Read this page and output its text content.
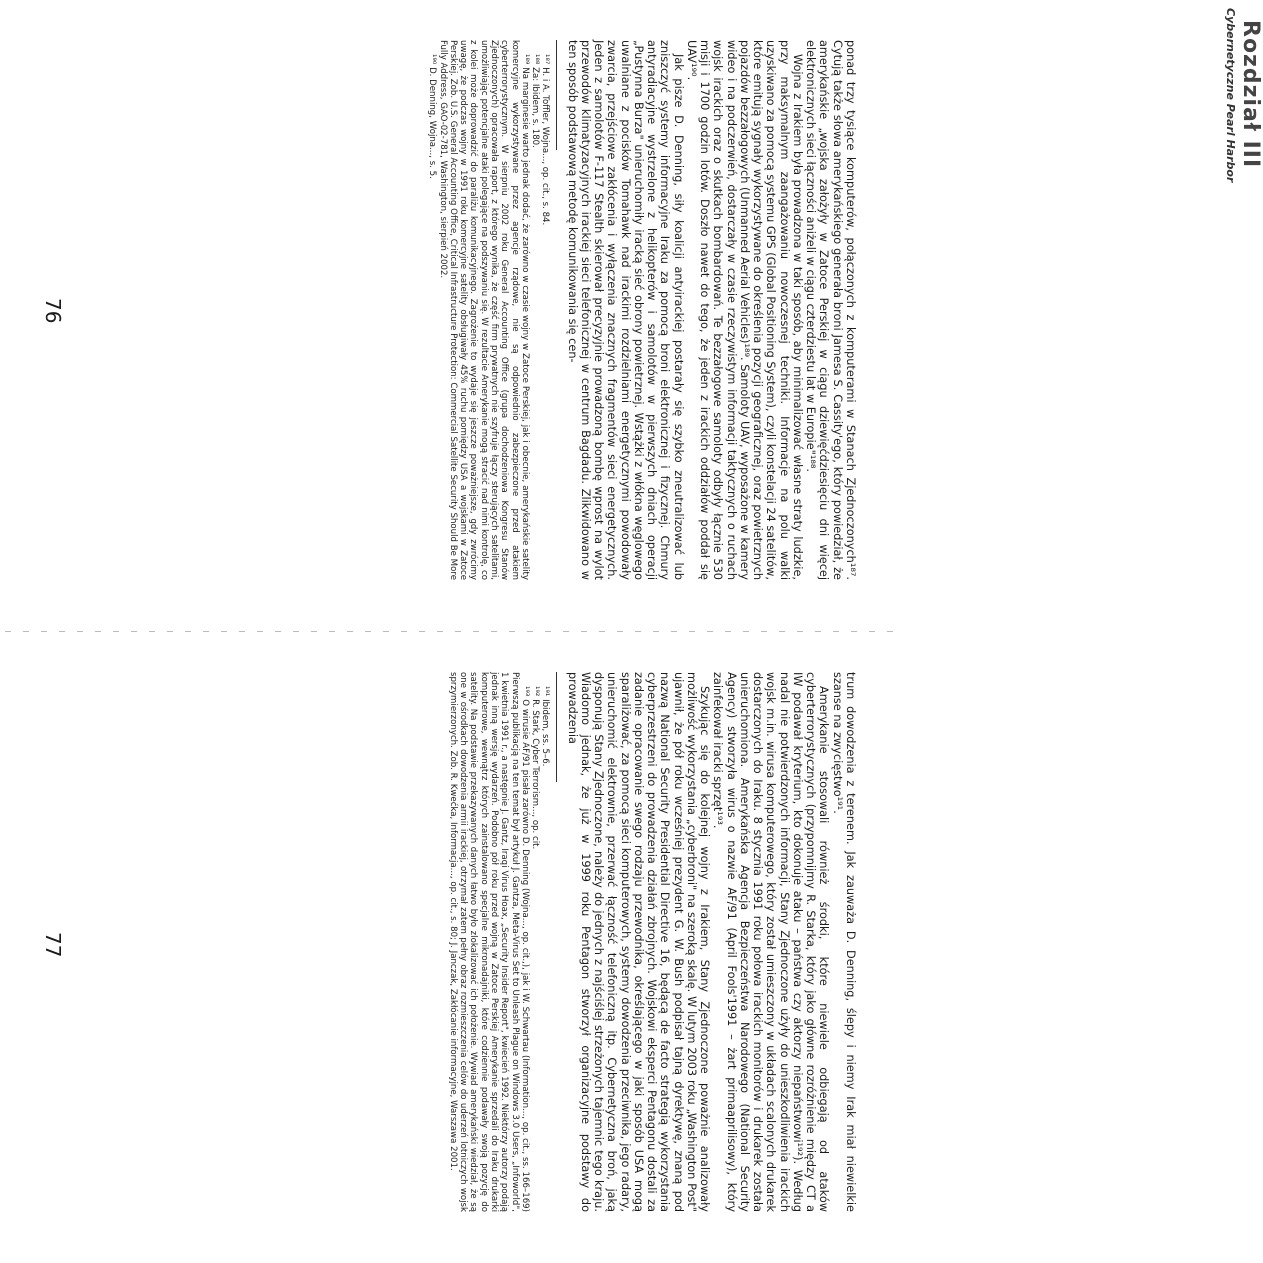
ponad trzy tysiące komputerów, połączonych z komputerami w Stanach Zjednoczonych¹⁸⁷. Cytują także słowa amerykańskiego generała broni Jamesa S. Cassity'ego, który powiedział, że amerykańskie „wojska założyły w Zatoce Perskiej w ciągu dziewięćdziesięciu dni więcej elektronicznych sieci łączności aniżeli w ciągu czterdziestu lat w Europie"¹⁸⁸.

Wojna z Irakiem była prowadzona w taki sposób, aby minimalizować własne straty ludzkie, przy maksymalnym zaangażowaniu nowoczesnej techniki. Informacje na polu walki uzyskiwano za pomocą systemu GPS (Global Positioning System), czyli konstelacji 24 satelitów, które emitują sygnały wykorzystywane do określenia pozycji geograficznej, oraz powietrznych pojazdów bezzałogowych (Unmanned Aerial Vehicles)¹⁸⁹. Samoloty UAV, wyposażone w kamery wideo i na podczerwień, dostarczały w czasie rzeczywistym informacji taktycznych o ruchach wojsk irackich oraz o skutkach bombardowań. Te bezzałogowe samoloty odbyły łącznie 530 misji i 1700 godzin lotów. Doszło nawet do tego, że jeden z irackich oddziałów poddał się UAV¹⁹⁰.

Jak pisze D. Denning, siły koalicji antyirackiej postarały się szybko zneutralizować lub zniszczyć systemy informacyjne Iraku za pomocą broni elektronicznej i fizycznej. Chmury antyradiacyjne wystrzelone z helikopterów i samolotów w pierwszych dniach operacji „Pustynna Burza" unieruchomiły iracką sieć obrony powietrznej. Wstążki z włókna węglowego uwalniane z pocisków Tomahawk nad irackimi rozdzielniami energetycznymi powodowały zwarcia, przejściowe zakłócenia i wyłączenia znacznych fragmentów sieci energetycznych. Jeden z samolotów F-117 Stealth skierował precyzyjnie prowadzoną bombę wprost na wylot przewodów klimatyzacyjnych irackiej sieci telefonicznej w centrum Bagdadu. Zlikwidowano w ten sposób podstawową metodę komunikowania się cen-

¹⁸⁷ H. i A. Toffler, Wojna..., op. cit., s. 84.

¹⁸⁸ Za: Ibidem, s. 180.

¹⁸⁹ Na marginesie warto jednak dodać, że zarówno w czasie wojny w Zatoce Perskiej, jak i obecnie, amerykańskie satelity komercyjne wykorzystywane przez agencje rządowe, nie są odpowiednio zabezpieczone przed atakiem cyberterrorystycznym. W sierpniu 2002 roku General Accounting Office (grupa dochodzeniowa Kongresu Stanów Zjednoczonych) opracowała raport, z którego wynika, że część firm prywatnych nie szyfruje łączy sterujących satelitami, umożliwiając potencjalne ataki polegające na podszywaniu się. W rezultacie Amerykanie mogą stracić nad nimi kontrolę, co z kolei może doprowadzić do paraliżu komunikacyjnego. Zagrożenie to wydaje się jeszcze poważniejsze, gdy zwrócimy uwagę, że podczas wojny w 1991 roku komercyjne satelity obsługiwały 45% ruchu pomiędzy USA a wojskami w Zatoce Perskiej. Zob. U.S. General Accounting Office, Critical Infrastructure Protection: Commercial Satellite Security Should Be More Fully Address, GAO-02-781, Washington, sierpień 2002.

¹⁹⁰ D. Denning, Wojna..., s. 5.

76

trum dowodzenia z terenem. Jak zauważa D. Denning, ślepy i niemy Irak miał niewielkie szanse na zwycięstwo¹⁹¹.

Amerykanie stosowali również środki, które niewiele odbiegają od ataków cyberterrorystycznych (przypomnijmy R. Starka, który jako główne rozróżnienie między CT a IW podawał kryterium, kto dokonuje ataku – państwa czy aktorzy niepaństwowi¹⁹²). Według nadal nie potwierdzonych informacji, Stany Zjednoczone użyły do unieszkodliwienia irackich wojsk m.in. wirusa komputerowego, który został umieszczony w układach scalonych drukarek dostarczonych do Iraku. 8 stycznia 1991 roku połowa irackich monitorów i drukarek została unieruchomiona. Amerykańska Agencja Bezpieczeństwa Narodowego (National Security Agency) stworzyła wirus o nazwie AF/91 (April Fools'1991 – żart primaaprilisowy), który zainfekował iracki sprzęt¹⁹³.

Szykując się do kolejnej wojny z Irakiem, Stany Zjednoczone poważnie analizowały możliwość wykorzystania „cyberbroni" na szeroką skalę. W lutym 2003 roku „Washington Post" ujawnił, że pół roku wcześniej prezydent G. W. Bush podpisał tajną dyrektywę, znaną pod nazwą National Security Presidential Directive 16, będącą de facto strategią wykorzystania cyberprzestrzeni do prowadzenia działań zbrojnych. Wojskowi eksperci Pentagonu dostali za zadanie opracowanie swego rodzaju przewodnika, określającego w jaki sposób USA mogą sparaliżować, za pomocą sieci komputerowych, systemy dowodzenia przeciwnika, jego radary, unieruchomić elektrownie, przerwać łączność telefoniczną itp. Cybernetyczna broń, jaką dysponują Stany Zjednoczone, należy do jednych z najściślej strzeżonych tajemnic tego kraju. Wiadomo jednak, że już w 1999 roku Pentagon stworzył organizacyjne podstawy do prowadzenia

¹⁹¹ Ibidem, ss. 5–6.

¹⁹² R. Stark, Cyber Terrorism..., op. cit.

¹⁹³ O wirusie AF/91 pisała zarówno D. Denning (Wojna..., op. cit.,), jak i W. Schwartau (Information..., op. cit., ss. 166–169) Pierwszą publikacją na ten temat był artykuł J. Gantza, Meta-Virus Set to Unleash Plague on Windows 3.0 Users, „Infoworld", 1 kwietnia 1991 r., a następnie J. Gantz, Iraqi Virus Hoax, „Security Insider Report", kwiecień 1992. Niektórzy autorzy podają jednak inną wersję wydarzeń. Podobno pół roku przed wojną w Zatoce Perskiej Amerykanie sprzedali do Iraku drukarki komputerowe, wewnątrz których zainstalowano specjalne mikronadajniki, które codziennie podawały swoją pozycję do satelity. Na podstawie przekazywanych danych łatwo było zlokalizować ich położenie. Wywiad amerykański wiedział, że są one w ośrodkach dowodzenia armii irackiej, otrzymał zatem pełny obraz rozmieszczenia celów do uderzeń lotniczych wojsk sprzymierzonych. Zob. R. Kwećka, Informacja..., op. cit., s. 80; J. Janczak, Zakłócanie informacyjne, Warszawa 2001.

77
Rozdział III
Cybernetyczne Pearl Harbor
